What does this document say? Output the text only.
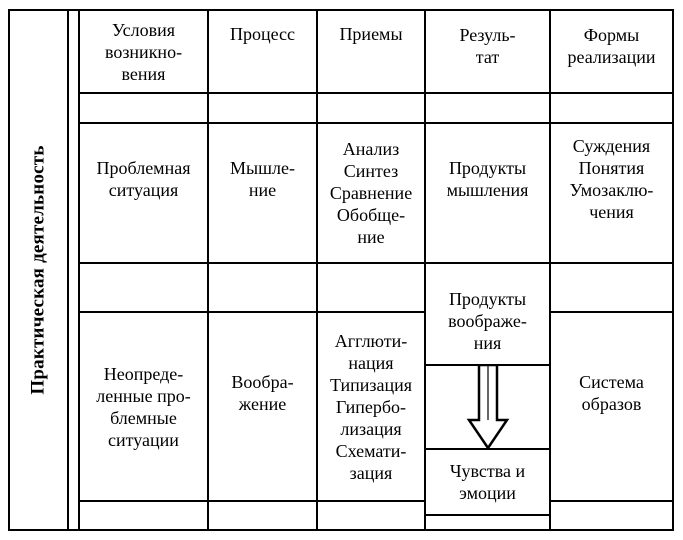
Практическая деятельность
Условия
возникно-
вения
Процесс	Приемы	Резуль-
тат
Формы
реализации
Проблемная
ситуация
Мышле-
ние
Анализ
Синтез
Сравнение
Обобще-
ние
Продукты
мышления
Суждения
Понятия
Умозаклю-
чения
Неопреде-
ленные про-
блемные
ситуации
Вообра-
жение
Агглюти-
нация
Типизация
Гипербо-
лизация
Схемати-
зация
Продукты
воображе-
ния
Чувства и
эмоции
Система
образов
